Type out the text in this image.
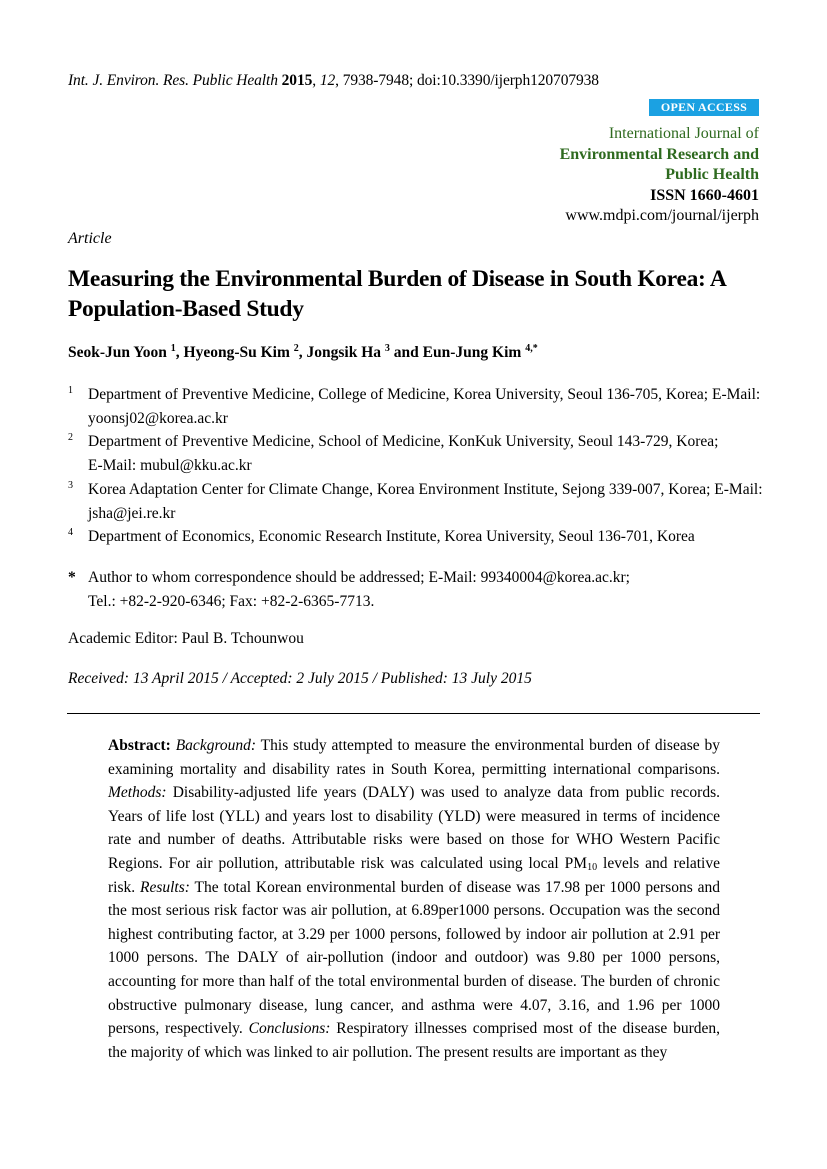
Int. J. Environ. Res. Public Health 2015, 12, 7938-7948; doi:10.3390/ijerph120707938
OPEN ACCESS
International Journal of
Environmental Research and
Public Health
ISSN 1660-4601
www.mdpi.com/journal/ijerph
Article
Measuring the Environmental Burden of Disease in South Korea: A Population-Based Study
Seok-Jun Yoon $^1$, Hyeong-Su Kim $^2$, Jongsik Ha $^3$ and Eun-Jung Kim $^{4,*}$
1 Department of Preventive Medicine, College of Medicine, Korea University, Seoul 136-705, Korea; E-Mail: yoonsj02@korea.ac.kr
2 Department of Preventive Medicine, School of Medicine, KonKuk University, Seoul 143-729, Korea; E-Mail: mubul@kku.ac.kr
3 Korea Adaptation Center for Climate Change, Korea Environment Institute, Sejong 339-007, Korea; E-Mail: jsha@jei.re.kr
4 Department of Economics, Economic Research Institute, Korea University, Seoul 136-701, Korea
* Author to whom correspondence should be addressed; E-Mail: 99340004@korea.ac.kr;
Tel.: +82-2-920-6346; Fax: +82-2-6365-7713.
Academic Editor: Paul B. Tchounwou
Received: 13 April 2015 / Accepted: 2 July 2015 / Published: 13 July 2015
Abstract: Background: This study attempted to measure the environmental burden of disease by examining mortality and disability rates in South Korea, permitting international comparisons. Methods: Disability-adjusted life years (DALY) was used to analyze data from public records. Years of life lost (YLL) and years lost to disability (YLD) were measured in terms of incidence rate and number of deaths. Attributable risks were based on those for WHO Western Pacific Regions. For air pollution, attributable risk was calculated using local $PM_{10}$ levels and relative risk. Results: The total Korean environmental burden of disease was 17.98 per 1000 persons and the most serious risk factor was air pollution, at 6.89per1000 persons. Occupation was the second highest contributing factor, at 3.29 per 1000 persons, followed by indoor air pollution at 2.91 per 1000 persons. The DALY of air-pollution (indoor and outdoor) was 9.80 per 1000 persons, accounting for more than half of the total environmental burden of disease. The burden of chronic obstructive pulmonary disease, lung cancer, and asthma were 4.07, 3.16, and 1.96 per 1000 persons, respectively. Conclusions: Respiratory illnesses comprised most of the disease burden, the majority of which was linked to air pollution. The present results are important as they
